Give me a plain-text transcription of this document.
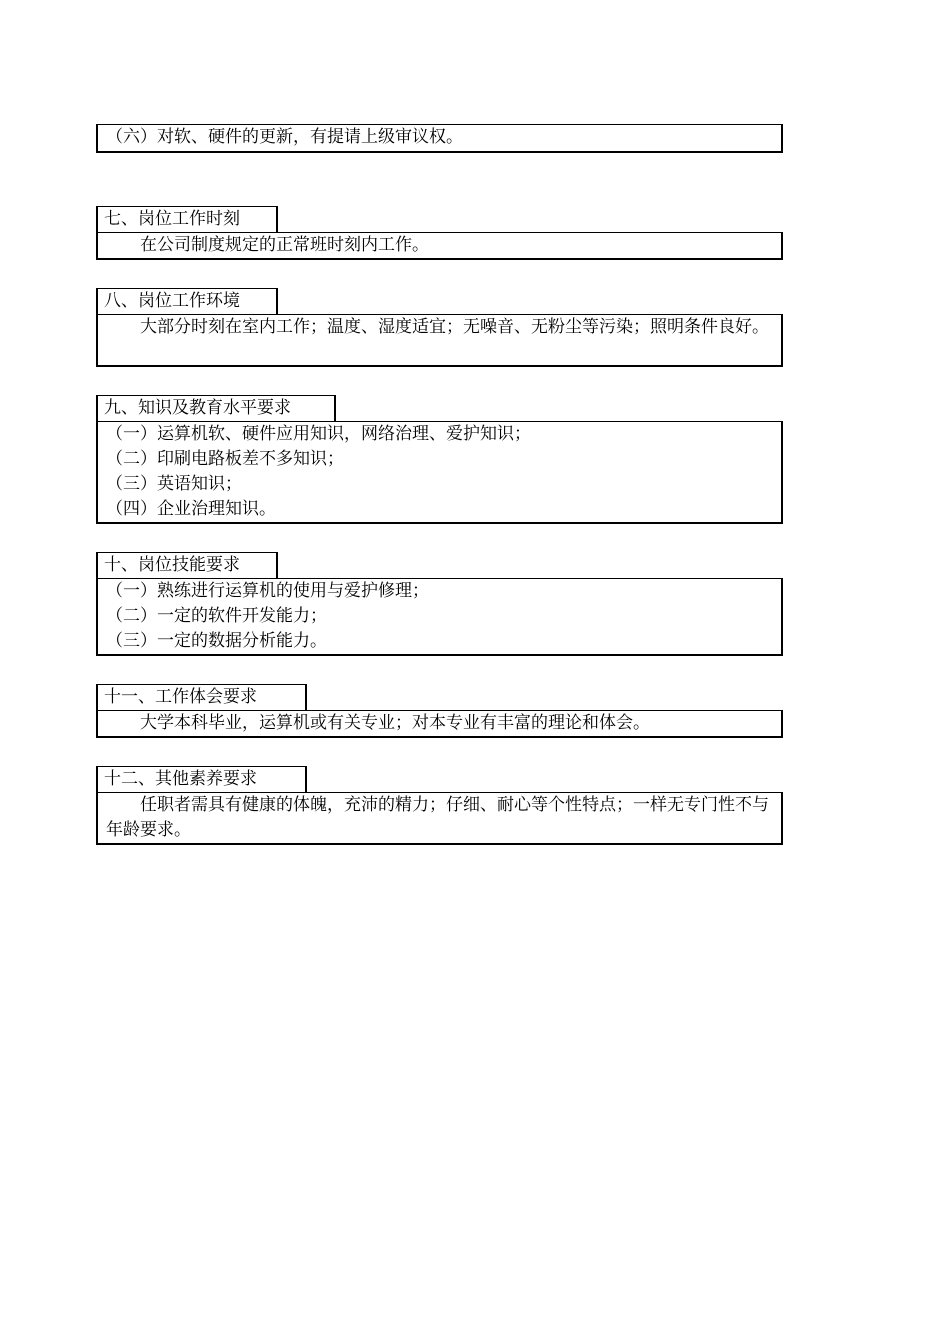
（六）对软、硬件的更新，有提请上级审议权。
七、岗位工作时刻
在公司制度规定的正常班时刻内工作。
八、岗位工作环境
大部分时刻在室内工作；温度、湿度适宜；无噪音、无粉尘等污染；照明条件良好。
九、知识及教育水平要求
（一）运算机软、硬件应用知识，网络治理、爱护知识；
（二）印刷电路板差不多知识；
（三）英语知识；
（四）企业治理知识。
十、岗位技能要求
（一）熟练进行运算机的使用与爱护修理；
（二）一定的软件开发能力；
（三）一定的数据分析能力。
十一、工作体会要求
大学本科毕业，运算机或有关专业；对本专业有丰富的理论和体会。
十二、其他素养要求
任职者需具有健康的体魄，充沛的精力；仔细、耐心等个性特点；一样无专门性不与年龄要求。
